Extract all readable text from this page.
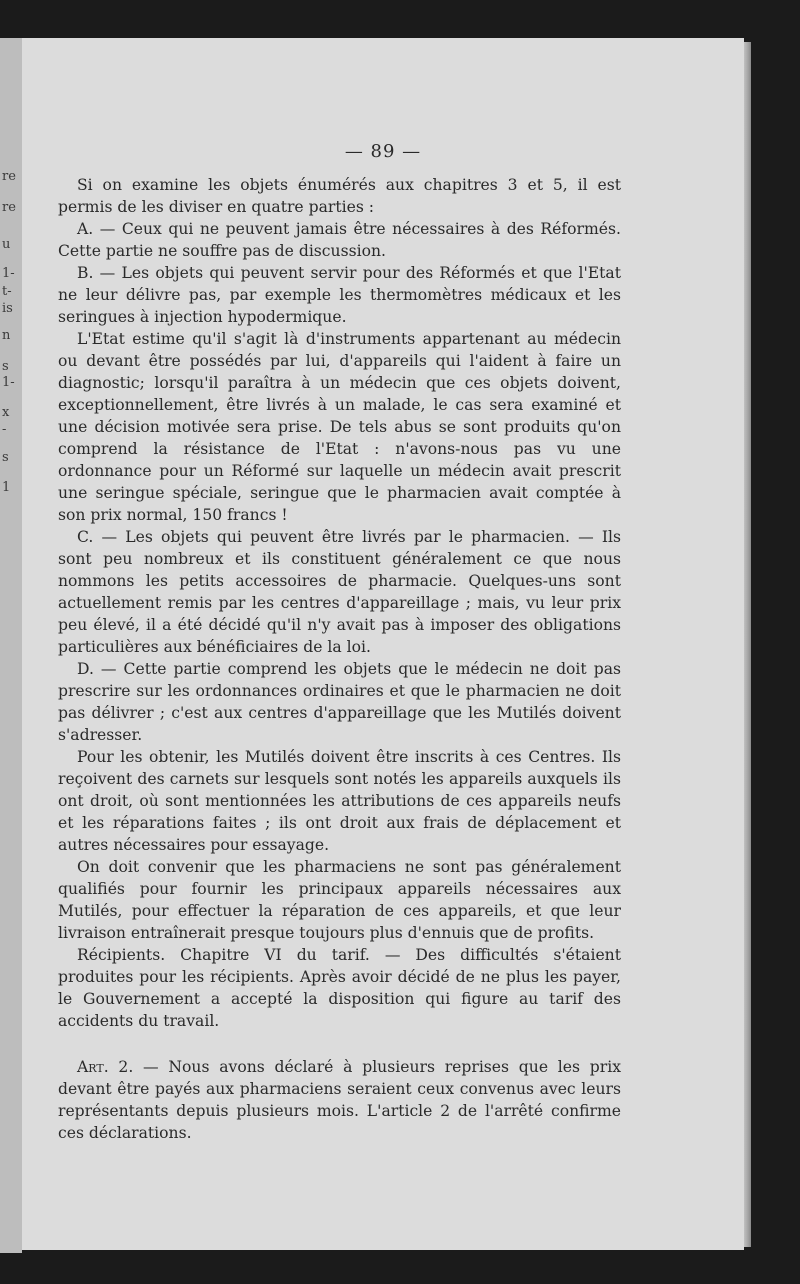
re
re
u
1-
t-
is
n
s
1-
x
-
s
1
— 89 —

Si on examine les objets énumérés aux chapitres 3 et 5, il est permis de les diviser en quatre parties :

A. — Ceux qui ne peuvent jamais être nécessaires à des Réformés. Cette partie ne souffre pas de discussion.

B. — Les objets qui peuvent servir pour des Réformés et que l'Etat ne leur délivre pas, par exemple les thermomètres médicaux et les seringues à injection hypodermique.

L'Etat estime qu'il s'agit là d'instruments appartenant au médecin ou devant être possédés par lui, d'appareils qui l'aident à faire un diagnostic; lorsqu'il paraîtra à un médecin que ces objets doivent, exceptionnellement, être livrés à un malade, le cas sera examiné et une décision motivée sera prise. De tels abus se sont produits qu'on comprend la résistance de l'Etat : n'avons-nous pas vu une ordonnance pour un Réformé sur laquelle un médecin avait prescrit une seringue spéciale, seringue que le pharmacien avait comptée à son prix normal, 150 francs !

C. — Les objets qui peuvent être livrés par le pharmacien. — Ils sont peu nombreux et ils constituent généralement ce que nous nommons les petits accessoires de pharmacie. Quelques-uns sont actuellement remis par les centres d'appareillage ; mais, vu leur prix peu élevé, il a été décidé qu'il n'y avait pas à imposer des obligations particulières aux bénéficiaires de la loi.

D. — Cette partie comprend les objets que le médecin ne doit pas prescrire sur les ordonnances ordinaires et que le pharmacien ne doit pas délivrer ; c'est aux centres d'appareillage que les Mutilés doivent s'adresser.

Pour les obtenir, les Mutilés doivent être inscrits à ces Centres. Ils reçoivent des carnets sur lesquels sont notés les appareils auxquels ils ont droit, où sont mentionnées les attributions de ces appareils neufs et les réparations faites ; ils ont droit aux frais de déplacement et autres nécessaires pour essayage.

On doit convenir que les pharmaciens ne sont pas généralement qualifiés pour fournir les principaux appareils nécessaires aux Mutilés, pour effectuer la réparation de ces appareils, et que leur livraison entraînerait presque toujours plus d'ennuis que de profits.

Récipients. Chapitre VI du tarif. — Des difficultés s'étaient produites pour les récipients. Après avoir décidé de ne plus les payer, le Gouvernement a accepté la disposition qui figure au tarif des accidents du travail.

Art. 2. — Nous avons déclaré à plusieurs reprises que les prix devant être payés aux pharmaciens seraient ceux convenus avec leurs représentants depuis plusieurs mois. L'article 2 de l'arrêté confirme ces déclarations.
